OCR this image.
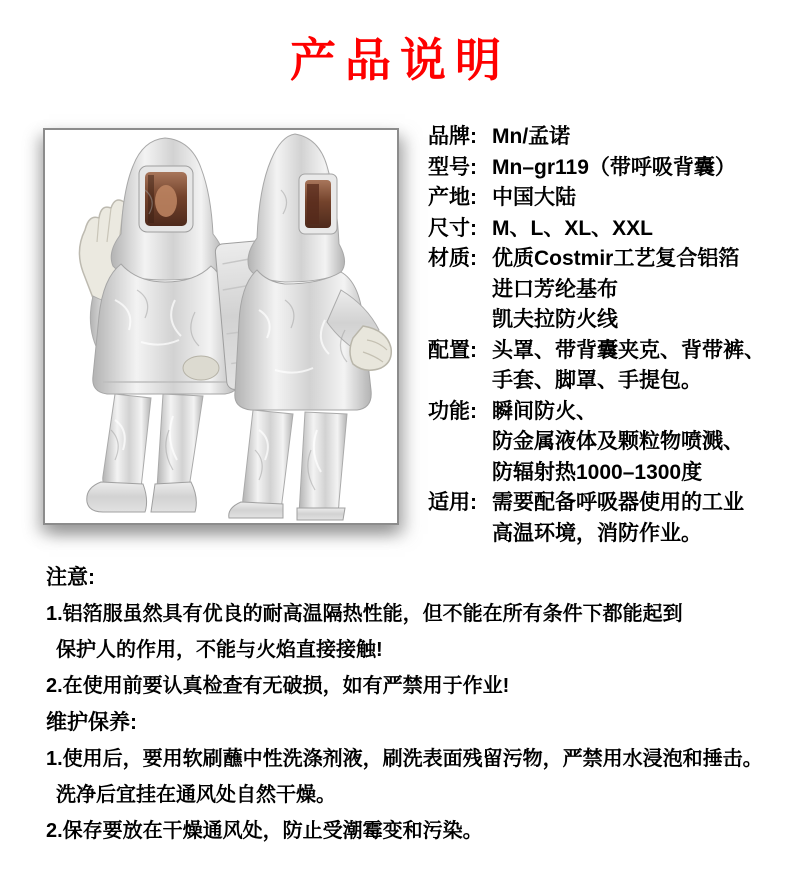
产品说明
品牌: Mn/孟诺
型号: Mn–gr119（带呼吸背囊）
产地: 中国大陆
尺寸: M、L、XL、XXL
材质: 优质Costmir工艺复合铝箔
进口芳纶基布
凯夫拉防火线
配置: 头罩、带背囊夹克、背带裤、
手套、脚罩、手提包。
功能: 瞬间防火、
防金属液体及颗粒物喷溅、
防辐射热1000–1300度
适用: 需要配备呼吸器使用的工业
高温环境，消防作业。
注意:
1.铝箔服虽然具有优良的耐高温隔热性能，但不能在所有条件下都能起到
保护人的作用，不能与火焰直接接触!
2.在使用前要认真检查有无破损，如有严禁用于作业!
维护保养:
1.使用后，要用软刷蘸中性洗涤剂液，刷洗表面残留污物，严禁用水浸泡和捶击。
洗净后宜挂在通风处自然干燥。
2.保存要放在干燥通风处，防止受潮霉变和污染。
